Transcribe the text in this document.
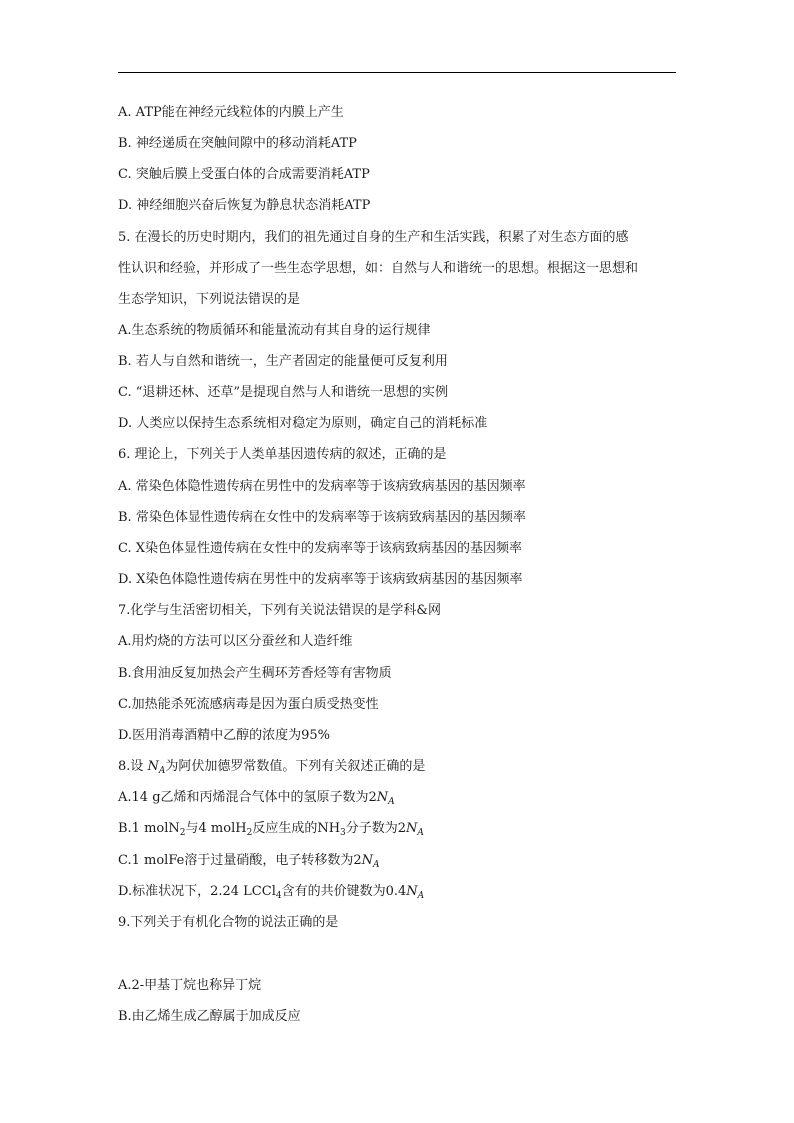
A. ATP能在神经元线粒体的内膜上产生
B. 神经递质在突触间隙中的移动消耗ATP
C. 突触后膜上受蛋白体的合成需要消耗ATP
D. 神经细胞兴奋后恢复为静息状态消耗ATP
5. 在漫长的历史时期内，我们的祖先通过自身的生产和生活实践，积累了对生态方面的感
性认识和经验，并形成了一些生态学思想，如：自然与人和谐统一的思想。根据这一思想和
生态学知识，下列说法错误的是
A.生态系统的物质循环和能量流动有其自身的运行规律
B. 若人与自然和谐统一，生产者固定的能量便可反复利用
C. “退耕还林、还草”是提现自然与人和谐统一思想的实例
D. 人类应以保持生态系统相对稳定为原则，确定自己的消耗标准
6. 理论上，下列关于人类单基因遗传病的叙述，正确的是
A. 常染色体隐性遗传病在男性中的发病率等于该病致病基因的基因频率
B. 常染色体显性遗传病在女性中的发病率等于该病致病基因的基因频率
C. X染色体显性遗传病在女性中的发病率等于该病致病基因的基因频率
D. X染色体隐性遗传病在男性中的发病率等于该病致病基因的基因频率
7.化学与生活密切相关，下列有关说法错误的是学科&网
A.用灼烧的方法可以区分蚕丝和人造纤维
B.食用油反复加热会产生稠环芳香烃等有害物质
C.加热能杀死流感病毒是因为蛋白质受热变性
D.医用消毒酒精中乙醇的浓度为95%
8.设 $N_A$为阿伏加德罗常数值。下列有关叙述正确的是
A.14 g乙烯和丙烯混合气体中的氢原子数为$2N_A$
B.1 molN$_2$与4 molH$_2$反应生成的$NH_3$分子数为$2N_A$
C.1 molFe溶于过量硝酸，电子转移数为$2N_A$
D.标准状况下，2.24 LCCl$_4$含有的共价键数为$0.4N_A$
9.下列关于有机化合物的说法正确的是
A.2-甲基丁烷也称异丁烷
B.由乙烯生成乙醇属于加成反应
